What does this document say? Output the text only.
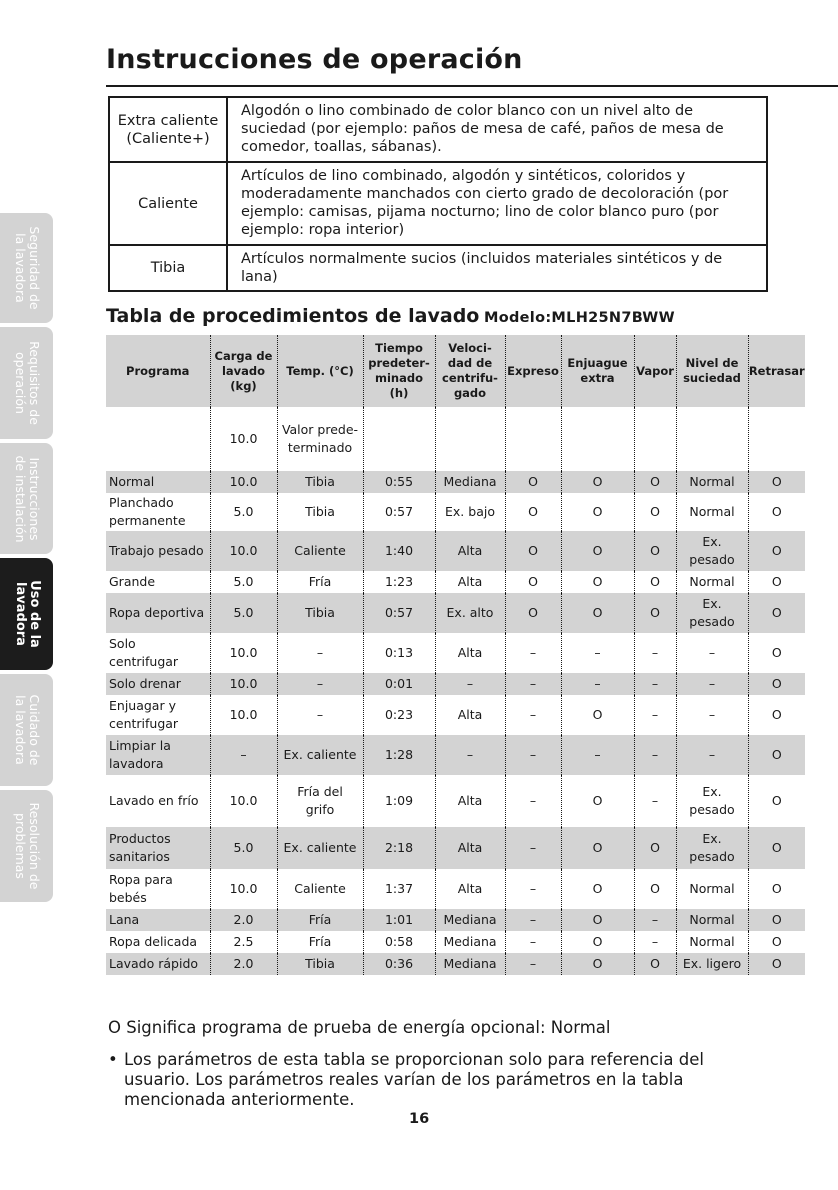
Instrucciones de operación
Seguridad de
la lavadora
Requisitos de
operación
Instrucciones
de instalación
Uso de la
lavadora
Cuidado de
la lavadora
Resolución de
problemas
Extra caliente
(Caliente+)	Algodón o lino combinado de color blanco con un nivel alto de suciedad (por ejemplo: paños de mesa de café, paños de mesa de comedor, toallas, sábanas).
Caliente	Artículos de lino combinado, algodón y sintéticos, coloridos y moderadamente manchados con cierto grado de decoloración (por ejemplo: camisas, pijama nocturno; lino de color blanco puro (por ejemplo: ropa interior)
Tibia	Artículos normalmente sucios (incluidos materiales sintéticos y de lana)
Tabla de procedimientos de lavado Modelo:MLH25N7BWW
Programa	Carga de
lavado
(kg)	Temp. (°C)	Tiempo
predeter-
minado
(h)	Veloci-
dad de
centrifu-
gado	Expreso	Enjuague
extra	Vapor	Nivel de
suciedad	Retrasar
	10.0	Valor prede-
terminado							
Normal	10.0	Tibia	0:55	Mediana	O	O	O	Normal	O
Planchado
permanente	5.0	Tibia	0:57	Ex. bajo	O	O	O	Normal	O
Trabajo pesado	10.0	Caliente	1:40	Alta	O	O	O	Ex.
pesado	O
Grande	5.0	Fría	1:23	Alta	O	O	O	Normal	O
Ropa deportiva	5.0	Tibia	0:57	Ex. alto	O	O	O	Ex.
pesado	O
Solo
centrifugar	10.0	–	0:13	Alta	–	–	–	–	O
Solo drenar	10.0	–	0:01	–	–	–	–	–	O
Enjuagar y
centrifugar	10.0	–	0:23	Alta	–	O	–	–	O
Limpiar la
lavadora	–	Ex. caliente	1:28	–	–	–	–	–	O
Lavado en frío	10.0	Fría del
grifo	1:09	Alta	–	O	–	Ex.
pesado	O
Productos
sanitarios	5.0	Ex. caliente	2:18	Alta	–	O	O	Ex.
pesado	O
Ropa para
bebés	10.0	Caliente	1:37	Alta	–	O	O	Normal	O
Lana	2.0	Fría	1:01	Mediana	–	O	–	Normal	O
Ropa delicada	2.5	Fría	0:58	Mediana	–	O	–	Normal	O
Lavado rápido	2.0	Tibia	0:36	Mediana	–	O	O	Ex. ligero	O
O Significa programa de prueba de energía opcional: Normal
• Los parámetros de esta tabla se proporcionan solo para referencia del usuario. Los parámetros reales varían de los parámetros en la tabla mencionada anteriormente.
16
